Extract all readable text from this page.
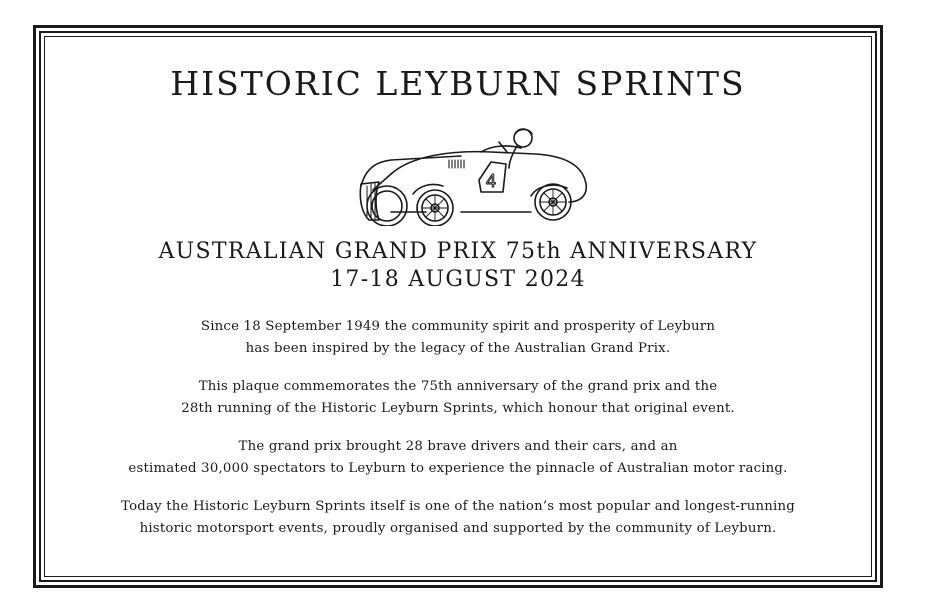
HISTORIC LEYBURN SPRINTS
4
AUSTRALIAN GRAND PRIX 75th ANNIVERSARY
17-18 AUGUST 2024

Since 18 September 1949 the community spirit and prosperity of Leyburn
has been inspired by the legacy of the Australian Grand Prix.

This plaque commemorates the 75th anniversary of the grand prix and the
28th running of the Historic Leyburn Sprints, which honour that original event.

The grand prix brought 28 brave drivers and their cars, and an
estimated 30,000 spectators to Leyburn to experience the pinnacle of Australian motor racing.

Today the Historic Leyburn Sprints itself is one of the nation’s most popular and longest-running
historic motorsport events, proudly organised and supported by the community of Leyburn.
